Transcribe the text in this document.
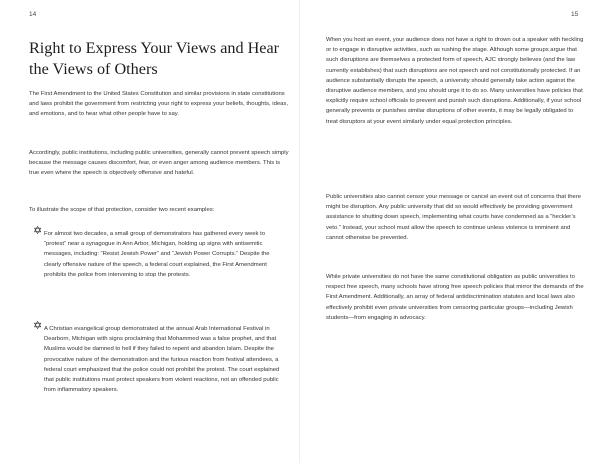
14
Right to Express Your Views and Hear the Views of Others
The First Amendment to the United States Constitution and similar provisions in state constitutions and laws prohibit the government from restricting your right to express your beliefs, thoughts, ideas, and emotions, and to hear what other people have to say.
Accordingly, public institutions, including public universities, generally cannot prevent speech simply because the message causes discomfort, fear, or even anger among audience members. This is true even where the speech is objectively offensive and hateful.
To illustrate the scope of that protection, consider two recent examples:
✡ For almost two decades, a small group of demonstrators has gathered every week to “protest” near a synagogue in Ann Arbor, Michigan, holding up signs with antisemitic messages, including: “Resist Jewish Power” and “Jewish Power Corrupts.” Despite the clearly offensive nature of the speech, a federal court explained, the First Amendment prohibits the police from intervening to stop the protests.
✡ A Christian evangelical group demonstrated at the annual Arab International Festival in Dearborn, Michigan with signs proclaiming that Mohammed was a false prophet, and that Muslims would be damned to hell if they failed to repent and abandon Islam. Despite the provocative nature of the demonstration and the furious reaction from festival attendees, a federal court emphasized that the police could not prohibit the protest. The court explained that public institutions must protect speakers from violent reactions, not an offended public from inflammatory speakers.
15
When you host an event, your audience does not have a right to drown out a speaker with heckling or to engage in disruptive activities, such as rushing the stage. Although some groups argue that such disruptions are themselves a protected form of speech, AJC strongly believes (and the law currently establishes) that such disruptions are not speech and not constitutionally protected. If an audience substantially disrupts the speech, a university should generally take action against the disruptive audience members, and you should urge it to do so. Many universities have policies that explicitly require school officials to prevent and punish such disruptions. Additionally, if your school generally prevents or punishes similar disruptions of other events, it may be legally obligated to treat disruptors at your event similarly under equal protection principles.
Public universities also cannot censor your message or cancel an event out of concerns that there might be disruption. Any public university that did so would effectively be providing government assistance to shutting down speech, implementing what courts have condemned as a “heckler’s veto.” Instead, your school must allow the speech to continue unless violence is imminent and cannot otherwise be prevented.
While private universities do not have the same constitutional obligation as public universities to respect free speech, many schools have strong free speech policies that mirror the demands of the First Amendment. Additionally, an array of federal antidiscrimination statutes and local laws also effectively prohibit even private universities from censoring particular groups—including Jewish students—from engaging in advocacy.
